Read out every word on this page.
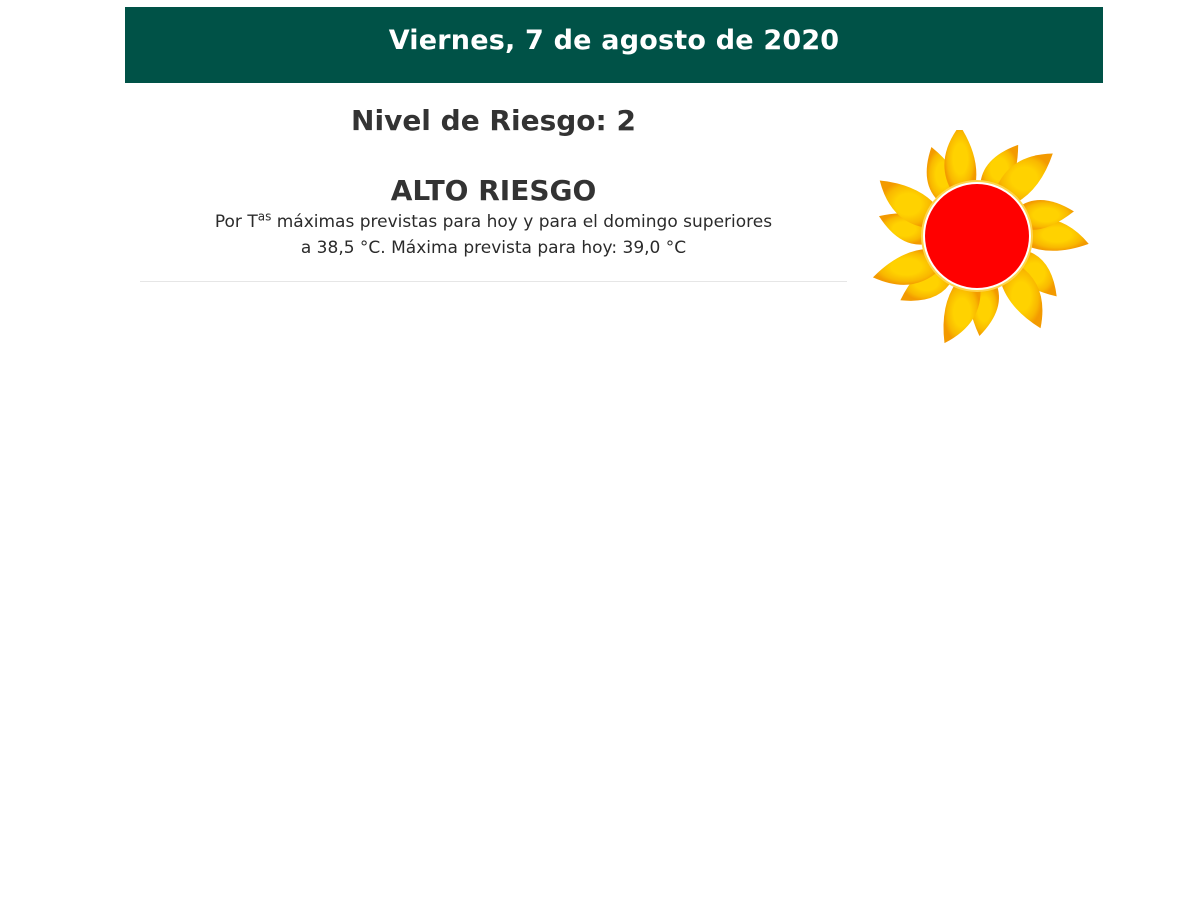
Viernes, 7 de agosto de 2020
Nivel de Riesgo: 2
ALTO RIESGO
Por $T^{as}$ máximas previstas para hoy y para el domingo superiores
a 38,5 °C. Máxima prevista para hoy: 39,0 °C
